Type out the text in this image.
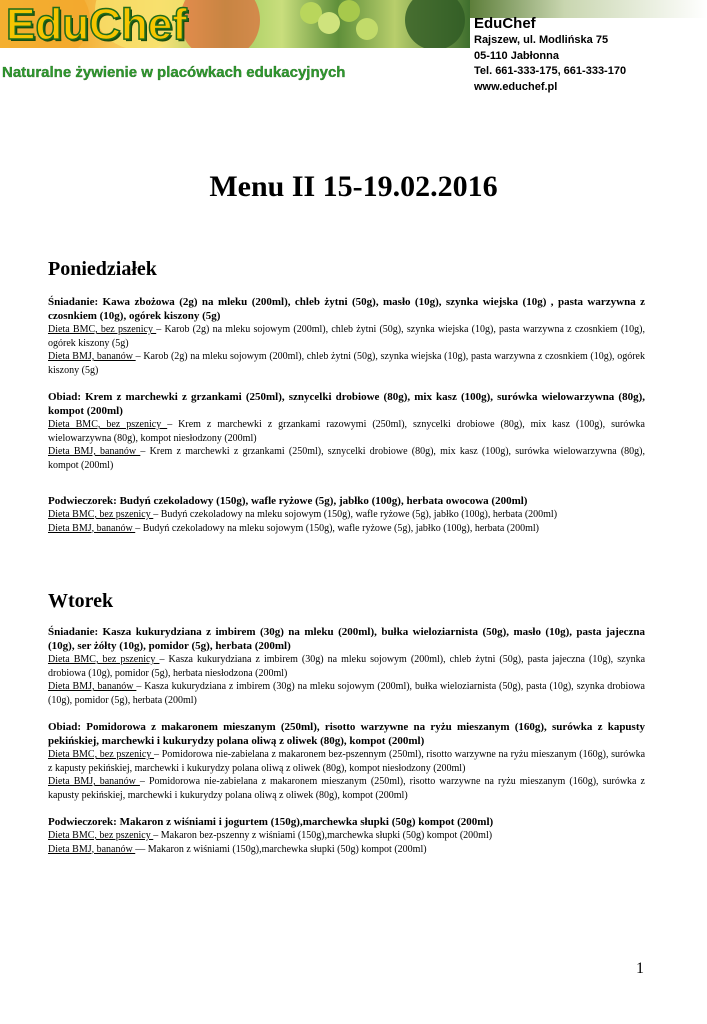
EduChef
Naturalne żywienie w placówkach edukacyjnych
EduChef
Rajszew, ul. Modlińska 75
05-110 Jabłonna
Tel. 661-333-175, 661-333-170
www.educhef.pl
Menu II 15-19.02.2016
Poniedziałek
Śniadanie: Kawa zbożowa (2g) na mleku (200ml), chleb żytni (50g), masło (10g), szynka wiejska (10g) , pasta warzywna z czosnkiem (10g), ogórek kiszony (5g)
Dieta BMC, bez pszenicy – Karob (2g) na mleku sojowym (200ml), chleb żytni (50g), szynka wiejska (10g), pasta warzywna z czosnkiem (10g), ogórek kiszony (5g)
Dieta BMJ, bananów – Karob (2g) na mleku sojowym (200ml), chleb żytni (50g), szynka wiejska (10g), pasta warzywna z czosnkiem (10g), ogórek kiszony (5g)
Obiad: Krem z marchewki z grzankami (250ml), sznycelki drobiowe (80g), mix kasz (100g), surówka wielowarzywna (80g), kompot (200ml)
Dieta BMC, bez pszenicy – Krem z marchewki z grzankami razowymi (250ml), sznycelki drobiowe (80g), mix kasz (100g), surówka wielowarzywna (80g), kompot niesłodzony (200ml)
Dieta BMJ, bananów – Krem z marchewki z grzankami (250ml), sznycelki drobiowe (80g), mix kasz (100g), surówka wielowarzywna (80g), kompot (200ml)
Podwieczorek: Budyń czekoladowy (150g), wafle ryżowe (5g), jabłko (100g), herbata owocowa (200ml)
Dieta BMC, bez pszenicy – Budyń czekoladowy na mleku sojowym (150g), wafle ryżowe (5g), jabłko (100g), herbata (200ml)
Dieta BMJ, bananów – Budyń czekoladowy na mleku sojowym (150g), wafle ryżowe (5g), jabłko (100g), herbata (200ml)
Wtorek
Śniadanie: Kasza kukurydziana z imbirem (30g) na mleku (200ml), bułka wieloziarnista (50g), masło (10g), pasta jajeczna (10g), ser żółty (10g), pomidor (5g), herbata (200ml)
Dieta BMC, bez pszenicy – Kasza kukurydziana z imbirem (30g) na mleku sojowym (200ml), chleb żytni (50g), pasta jajeczna (10g), szynka drobiowa (10g), pomidor (5g), herbata niesłodzona (200ml)
Dieta BMJ, bananów – Kasza kukurydziana z imbirem (30g) na mleku sojowym (200ml), bułka wieloziarnista (50g), pasta (10g), szynka drobiowa (10g), pomidor (5g), herbata (200ml)
Obiad: Pomidorowa z makaronem mieszanym (250ml), risotto warzywne na ryżu mieszanym (160g), surówka z kapusty pekińskiej, marchewki i kukurydzy polana oliwą z oliwek (80g), kompot (200ml)
Dieta BMC, bez pszenicy – Pomidorowa nie-zabielana z makaronem bez-pszennym (250ml), risotto warzywne na ryżu mieszanym (160g), surówka z kapusty pekińskiej, marchewki i kukurydzy polana oliwą z oliwek (80g), kompot niesłodzony (200ml)
Dieta BMJ, bananów – Pomidorowa nie-zabielana z makaronem mieszanym (250ml), risotto warzywne na ryżu mieszanym (160g), surówka z kapusty pekińskiej, marchewki i kukurydzy polana oliwą z oliwek (80g), kompot (200ml)
Podwieczorek: Makaron z wiśniami i jogurtem (150g),marchewka słupki (50g) kompot (200ml)
Dieta BMC, bez pszenicy – Makaron bez-pszenny z wiśniami (150g),marchewka słupki (50g) kompot (200ml)
Dieta BMJ, bananów — Makaron z wiśniami (150g),marchewka słupki (50g) kompot (200ml)
1
